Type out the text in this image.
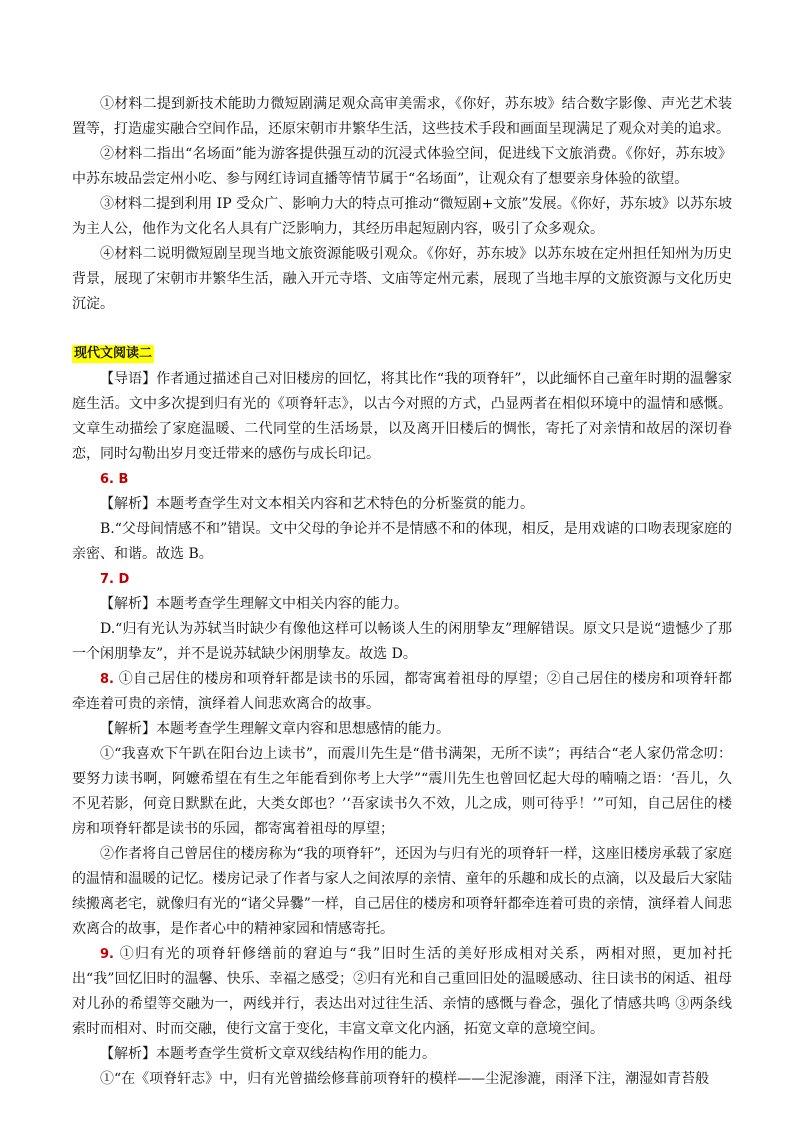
①材料二提到新技术能助力微短剧满足观众高审美需求，《你好，苏东坡》结合数字影像、声光艺术装置等，打造虚实融合空间作品，还原宋朝市井繁华生活，这些技术手段和画面呈现满足了观众对美的追求。

②材料二指出“名场面”能为游客提供强互动的沉浸式体验空间，促进线下文旅消费。《你好，苏东坡》中苏东坡品尝定州小吃、参与网红诗词直播等情节属于“名场面”，让观众有了想要亲身体验的欲望。

③材料二提到利用 IP 受众广、影响力大的特点可推动“微短剧+文旅”发展。《你好，苏东坡》以苏东坡为主人公，他作为文化名人具有广泛影响力，其经历串起短剧内容，吸引了众多观众。

④材料二说明微短剧呈现当地文旅资源能吸引观众。《你好，苏东坡》以苏东坡在定州担任知州为历史背景，展现了宋朝市井繁华生活，融入开元寺塔、文庙等定州元素，展现了当地丰厚的文旅资源与文化历史沉淀。

现代文阅读二

【导语】作者通过描述自己对旧楼房的回忆，将其比作“我的项脊轩”，以此缅怀自己童年时期的温馨家庭生活。文中多次提到归有光的《项脊轩志》，以古今对照的方式，凸显两者在相似环境中的温情和感慨。文章生动描绘了家庭温暖、二代同堂的生活场景，以及离开旧楼后的惆怅，寄托了对亲情和故居的深切眷恋，同时勾勒出岁月变迁带来的感伤与成长印记。

6. B

【解析】本题考查学生对文本相关内容和艺术特色的分析鉴赏的能力。

B.“父母间情感不和”错误。文中父母的争论并不是情感不和的体现，相反，是用戏谑的口吻表现家庭的亲密、和谐。故选 B。

7. D

【解析】本题考查学生理解文中相关内容的能力。

D.“归有光认为苏轼当时缺少有像他这样可以畅谈人生的闲朋挚友”理解错误。原文只是说“遗憾少了那一个闲朋挚友”，并不是说苏轼缺少闲朋挚友。故选 D。

8. ①自己居住的楼房和项脊轩都是读书的乐园，都寄寓着祖母的厚望；②自己居住的楼房和项脊轩都牵连着可贵的亲情，演绎着人间悲欢离合的故事。

【解析】本题考查学生理解文章内容和思想感情的能力。

①“我喜欢下午趴在阳台边上读书”，而震川先生是“借书满架，无所不读”；再结合“老人家仍常念叨：要努力读书啊，阿嬷希望在有生之年能看到你考上大学”“震川先生也曾回忆起大母的喃喃之语：‘吾儿，久不见若影，何竟日默默在此，大类女郎也？’‘吾家读书久不效，儿之成，则可待乎！’”可知，自己居住的楼房和项脊轩都是读书的乐园，都寄寓着祖母的厚望；

②作者将自己曾居住的楼房称为“我的项脊轩”，还因为与归有光的项脊轩一样，这座旧楼房承载了家庭的温情和温暖的记忆。楼房记录了作者与家人之间浓厚的亲情、童年的乐趣和成长的点滴，以及最后大家陆续搬离老宅，就像归有光的“诸父异爨”一样，自己居住的楼房和项脊轩都牵连着可贵的亲情，演绎着人间悲欢离合的故事，是作者心中的精神家园和情感寄托。

9. ①归有光的项脊轩修缮前的窘迫与“我”旧时生活的美好形成相对关系，两相对照，更加衬托出“我”回忆旧时的温馨、快乐、幸福之感受；②归有光和自己重回旧处的温暖感动、往日读书的闲适、祖母对儿孙的希望等交融为一，两线并行，表达出对过往生活、亲情的感慨与眷念，强化了情感共鸣 ③两条线索时而相对、时而交融，使行文富于变化，丰富文章文化内涵，拓宽文章的意境空间。

【解析】本题考查学生赏析文章双线结构作用的能力。

①“在《项脊轩志》中，归有光曾描绘修葺前项脊轩的模样——尘泥渗漉，雨泽下注，潮湿如青苔般
